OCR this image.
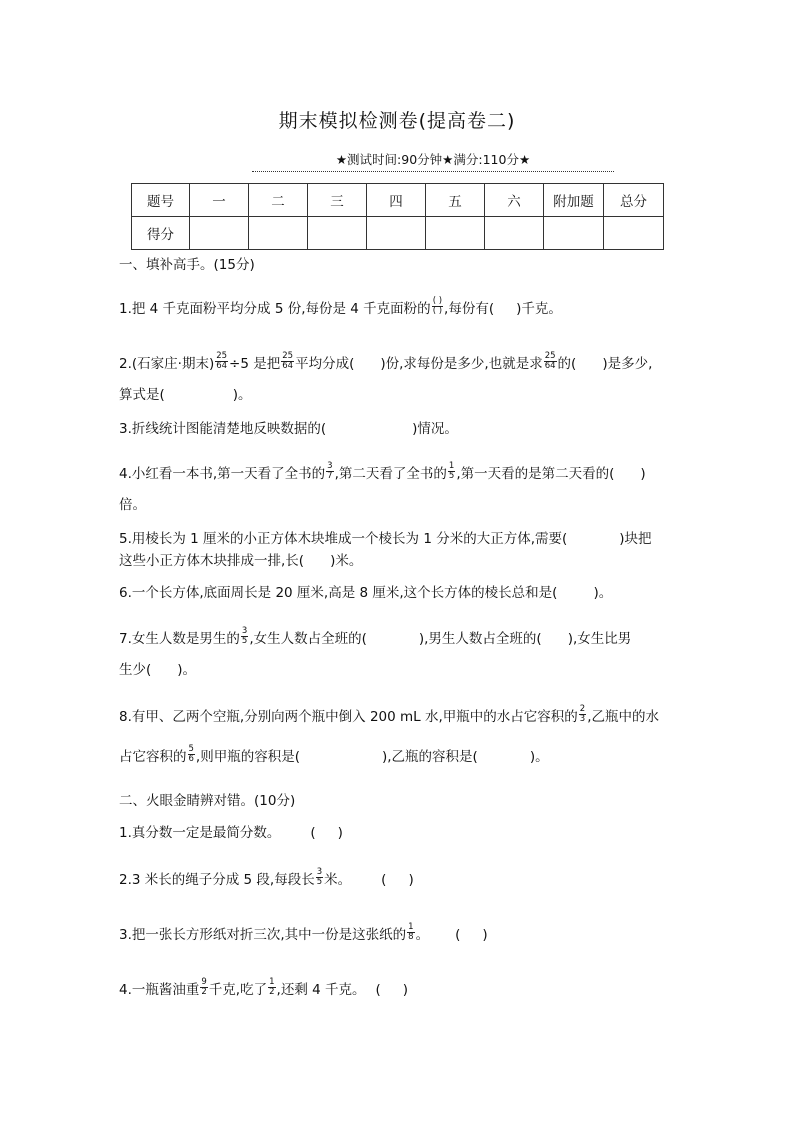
期末模拟检测卷(提高卷二)
★测试时间:90分钟★满分:110分★
题号	一	二	三	四	五	六	附加题	总分
得分								
一、填补高手。(15分)
1.把 4 千克面粉平均分成 5 份,每份是 4 千克面粉的 $\frac{( )}{( )}$ ,每份有( )千克。
2.(石家庄·期末) $\frac{25}{64} \div 5$ 是把 $\frac{25}{64}$ 平均分成( )份,求每份是多少,也就是求 $\frac{25}{64}$ 的( )是多少,
算式是(	)。
3.折线统计图能清楚地反映数据的(	)情况。
4.小红看一本书,第一天看了全书的 $\frac{3}{7}$ ,第二天看了全书的 $\frac{1}{5}$ ,第一天看的是第二天看的( )
倍。
5.用棱长为 1 厘米的小正方体木块堆成一个棱长为 1 分米的大正方体,需要(	)块把
这些小正方体木块排成一排,长( )米。
6.一个长方体,底面周长是 20 厘米,高是 8 厘米,这个长方体的棱长总和是(	)。
7.女生人数是男生的 $\frac{3}{5}$ ,女生人数占全班的(	),男生人数占全班的( ),女生比男
生少( )。
8.有甲、乙两个空瓶,分别向两个瓶中倒入 200 mL 水,甲瓶中的水占它容积的 $\frac{2}{3}$ ,乙瓶中的水
占它容积的 $\frac{5}{6}$ ,则甲瓶的容积是(	),乙瓶的容积是(	)。
二、火眼金睛辨对错。(10分)
1.真分数一定是最简分数。 ( )
2.3 米长的绳子分成 5 段,每段长 $\frac{3}{5}$ 米。 ( )
3.把一张长方形纸对折三次,其中一份是这张纸的 $\frac{1}{8}$ 。 ( )
4.一瓶酱油重 $\frac{9}{2}$ 千克,吃了 $\frac{1}{2}$ ,还剩 4 千克。 ( )
